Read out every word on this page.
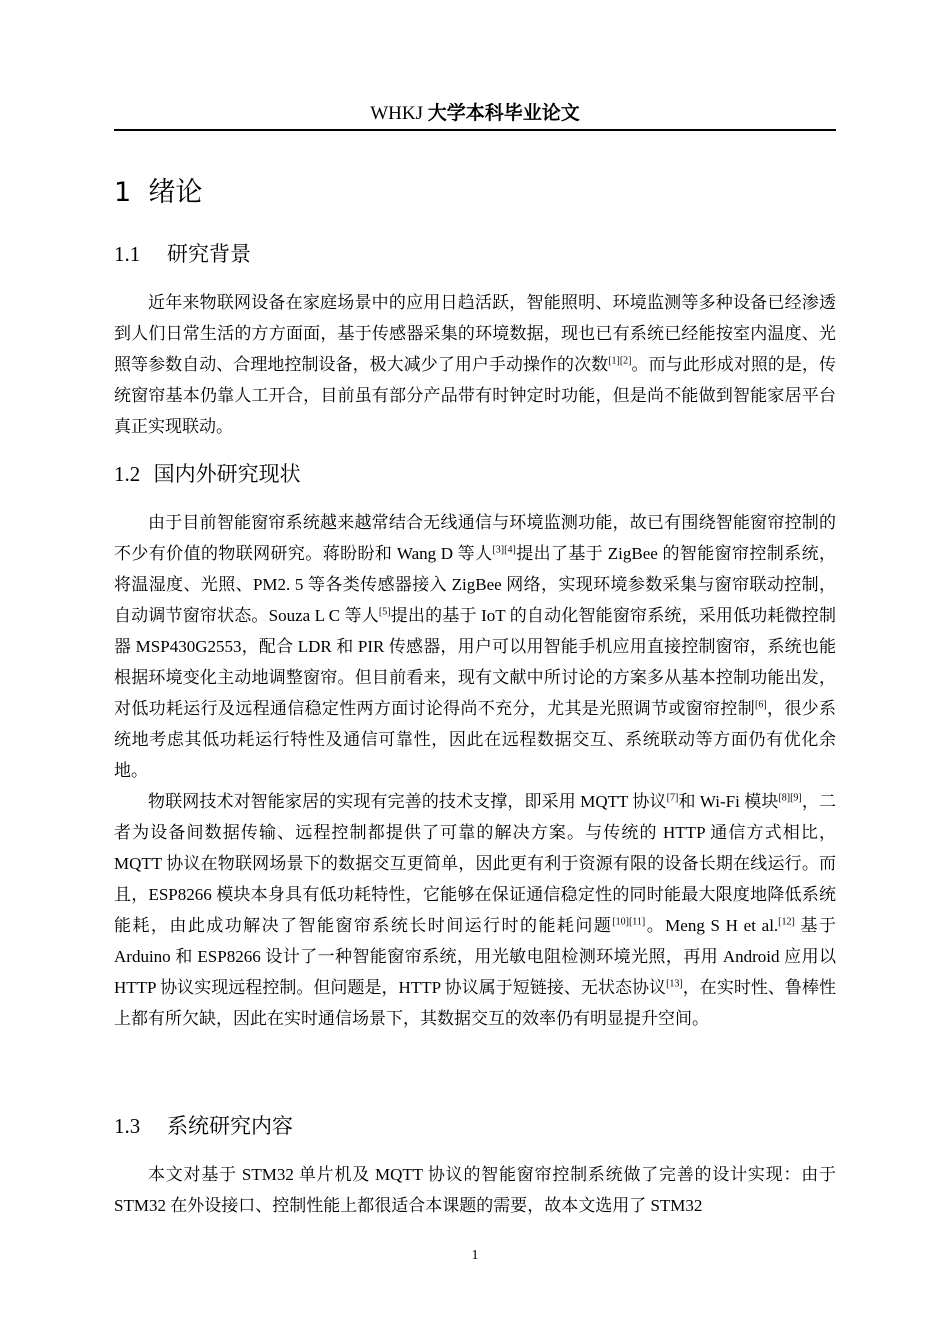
WHKJ 大学本科毕业论文
1 绪论
1.1 研究背景

近年来物联网设备在家庭场景中的应用日趋活跃，智能照明、环境监测等多种设备已经渗透到人们日常生活的方方面面，基于传感器采集的环境数据，现也已有系统已经能按室内温度、光照等参数自动、合理地控制设备，极大减少了用户手动操作的次数[1][2]。而与此形成对照的是，传统窗帘基本仍靠人工开合，目前虽有部分产品带有时钟定时功能，但是尚不能做到智能家居平台真正实现联动。

1.2 国内外研究现状

由于目前智能窗帘系统越来越常结合无线通信与环境监测功能，故已有围绕智能窗帘控制的不少有价值的物联网研究。蒋盼盼和 Wang D 等人[3][4]提出了基于 ZigBee 的智能窗帘控制系统，将温湿度、光照、PM2. 5 等各类传感器接入 ZigBee 网络，实现环境参数采集与窗帘联动控制，自动调节窗帘状态。Souza L C 等人[5]提出的基于 IoT 的自动化智能窗帘系统，采用低功耗微控制器 MSP430G2553，配合 LDR 和 PIR 传感器，用户可以用智能手机应用直接控制窗帘，系统也能根据环境变化主动地调整窗帘。但目前看来，现有文献中所讨论的方案多从基本控制功能出发，对低功耗运行及远程通信稳定性两方面讨论得尚不充分，尤其是光照调节或窗帘控制[6]，很少系统地考虑其低功耗运行特性及通信可靠性，因此在远程数据交互、系统联动等方面仍有优化余地。

物联网技术对智能家居的实现有完善的技术支撑，即采用 MQTT 协议[7]和 Wi-Fi 模块[8][9]，二者为设备间数据传输、远程控制都提供了可靠的解决方案。与传统的 HTTP 通信方式相比，MQTT 协议在物联网场景下的数据交互更简单，因此更有利于资源有限的设备长期在线运行。而且，ESP8266 模块本身具有低功耗特性，它能够在保证通信稳定性的同时能最大限度地降低系统能耗，由此成功解决了智能窗帘系统长时间运行时的能耗问题[10][11]。Meng S H et al.[12] 基于 Arduino 和 ESP8266 设计了一种智能窗帘系统，用光敏电阻检测环境光照，再用 Android 应用以 HTTP 协议实现远程控制。但问题是，HTTP 协议属于短链接、无状态协议[13]，在实时性、鲁棒性上都有所欠缺，因此在实时通信场景下，其数据交互的效率仍有明显提升空间。

1.3 系统研究内容

本文对基于 STM32 单片机及 MQTT 协议的智能窗帘控制系统做了完善的设计实现：由于 STM32 在外设接口、控制性能上都很适合本课题的需要，故本文选用了 STM32

1
